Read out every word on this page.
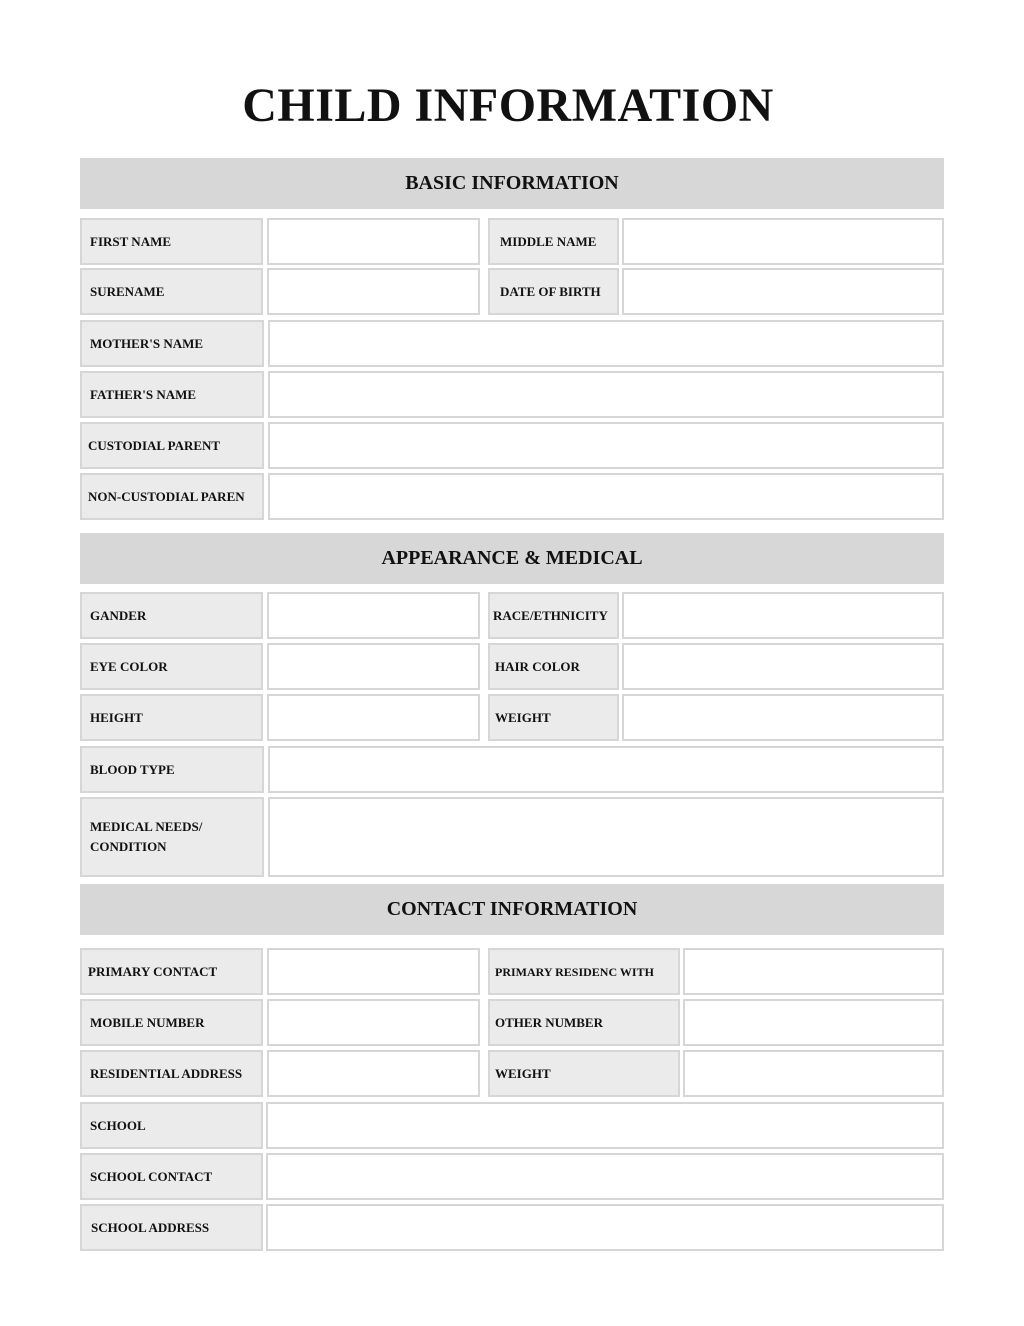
CHILD INFORMATION
BASIC INFORMATION
FIRST NAME	MIDDLE NAME
SURENAME	DATE OF BIRTH
MOTHER'S NAME
FATHER'S NAME
CUSTODIAL PARENT
NON-CUSTODIAL PAREN
APPEARANCE & MEDICAL
GANDER	RACE/ETHNICITY
EYE COLOR	HAIR COLOR
HEIGHT	WEIGHT
BLOOD TYPE
MEDICAL NEEDS/
CONDITION
CONTACT INFORMATION
PRIMARY CONTACT	PRIMARY RESIDENC WITH
MOBILE NUMBER	OTHER NUMBER
RESIDENTIAL ADDRESS	WEIGHT
SCHOOL
SCHOOL CONTACT
SCHOOL ADDRESS
